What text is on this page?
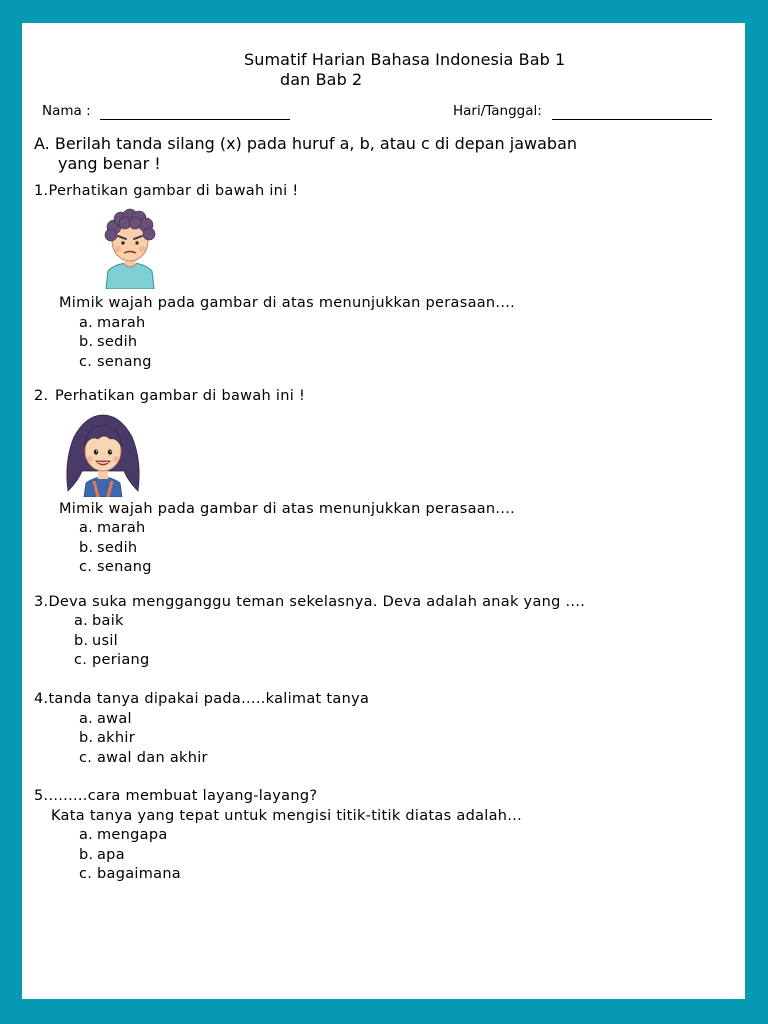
Sumatif Harian Bahasa Indonesia Bab 1
dan Bab 2
Nama :	Hari/Tanggal:
A. Berilah tanda silang (x) pada huruf a, b, atau c di depan jawaban
yang benar !
1.Perhatikan gambar di bawah ini !
Mimik wajah pada gambar di atas menunjukkan perasaan....
a. marah
b. sedih
c. senang
2. Perhatikan gambar di bawah ini !
Mimik wajah pada gambar di atas menunjukkan perasaan....
a. marah
b. sedih
c. senang
3.Deva suka mengganggu teman sekelasnya. Deva adalah anak yang ....
a. baik
b. usil
c. periang
4.tanda tanya dipakai pada.....kalimat tanya
a. awal
b. akhir
c. awal dan akhir
5.........cara membuat layang-layang?
Kata tanya yang tepat untuk mengisi titik-titik diatas adalah...
a. mengapa
b. apa
c. bagaimana
